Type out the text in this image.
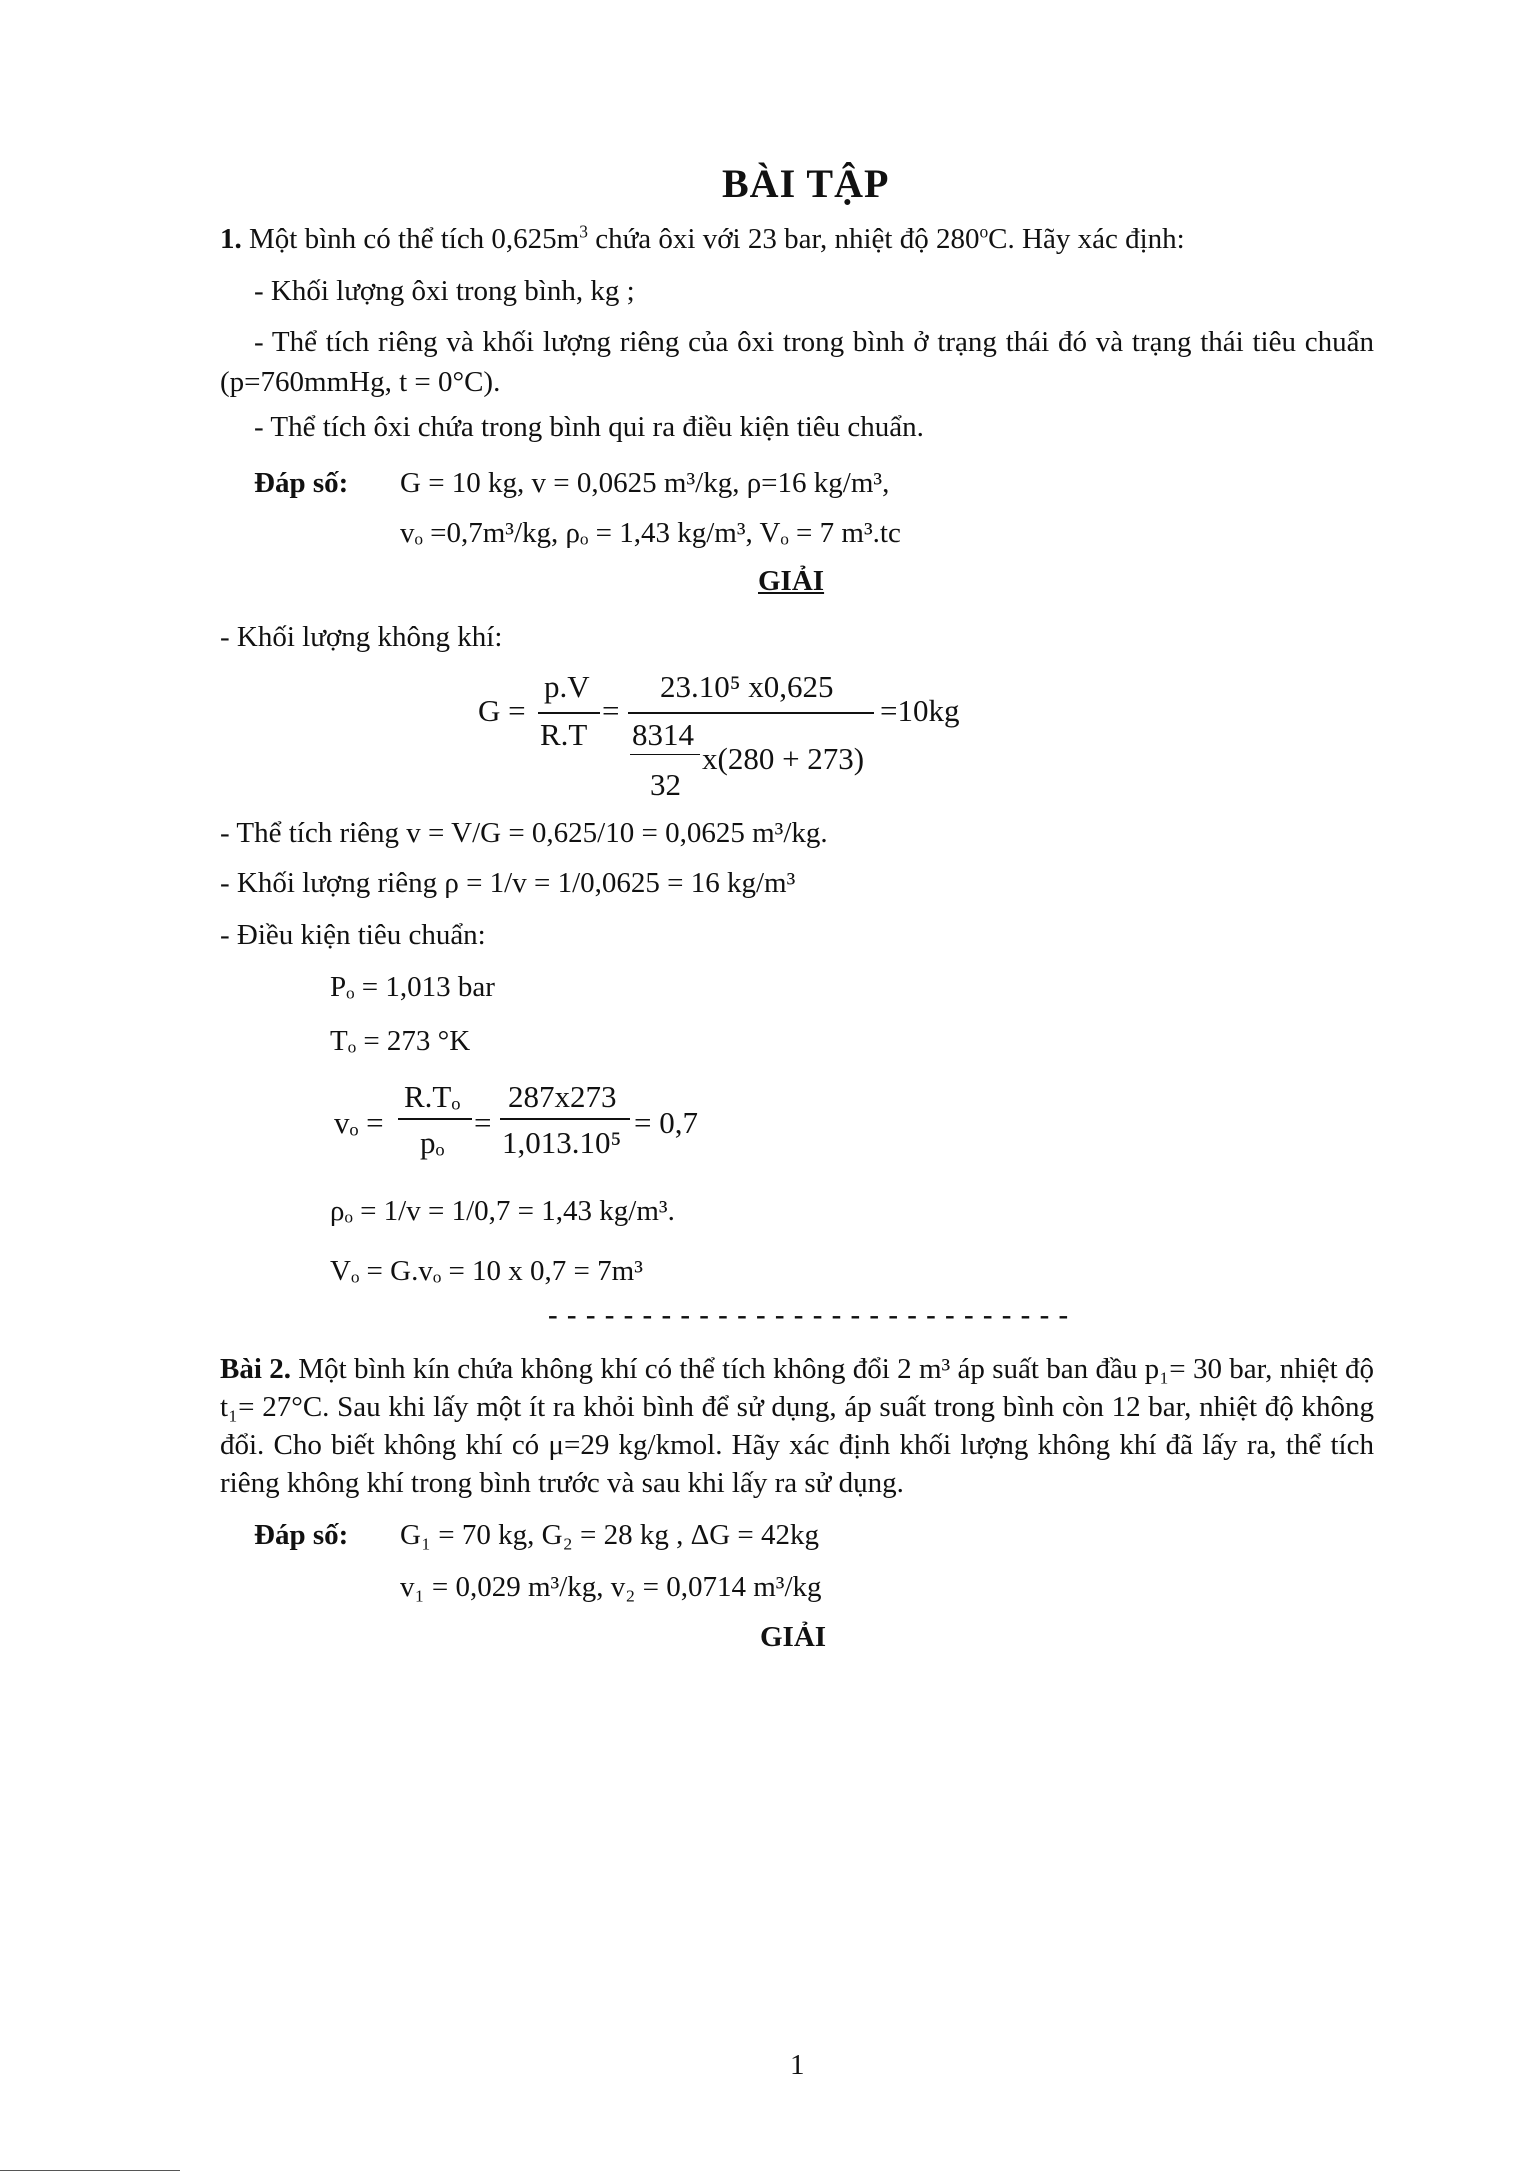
BÀI TẬP
1. Một bình có thể tích $0,625m^3$ chứa ôxi với 23 bar, nhiệt độ 280$^o$C. Hãy xác định:
- Khối lượng ôxi trong bình, kg ;
- Thể tích riêng và khối lượng riêng của ôxi trong bình ở trạng thái đó và trạng thái tiêu chuẩn (p=760mmHg, t = 0°C).
- Thể tích ôxi chứa trong bình qui ra điều kiện tiêu chuẩn.
Đáp số: G = 10 kg, v = 0,0625 m³/kg, ρ=16 kg/m³,
vₒ =0,7m³/kg, ρₒ = 1,43 kg/m³, Vₒ = 7 m³.tc
GIẢI
- Khối lượng không khí:
G =
p.V
R.T
=
23.10⁵ x0,625
8314
32
x(280 + 273)
=10kg
- Thể tích riêng v = V/G = 0,625/10 = 0,0625 m³/kg.
- Khối lượng riêng ρ = 1/v = 1/0,0625 = 16 kg/m³
- Điều kiện tiêu chuẩn:
Pₒ = 1,013 bar
Tₒ = 273 °K
vₒ =
R.Tₒ
pₒ
=
287x273
1,013.10⁵
= 0,7
ρₒ = 1/v = 1/0,7 = 1,43 kg/m³.
Vₒ = G.vₒ = 10 x 0,7 = 7m³
- - - - - - - - - - - - - - - - - - - - - - - - - - - -
Bài 2. Một bình kín chứa không khí có thể tích không đổi 2 m³ áp suất ban đầu p₁= 30 bar, nhiệt độ t₁= 27°C. Sau khi lấy một ít ra khỏi bình để sử dụng, áp suất trong bình còn 12 bar, nhiệt độ không đổi. Cho biết không khí có μ=29 kg/kmol. Hãy xác định khối lượng không khí đã lấy ra, thể tích riêng không khí trong bình trước và sau khi lấy ra sử dụng.
Đáp số: G₁ = 70 kg, G₂ = 28 kg , ΔG = 42kg
v₁ = 0,029 m³/kg, v₂ = 0,0714 m³/kg
GIẢI
1
